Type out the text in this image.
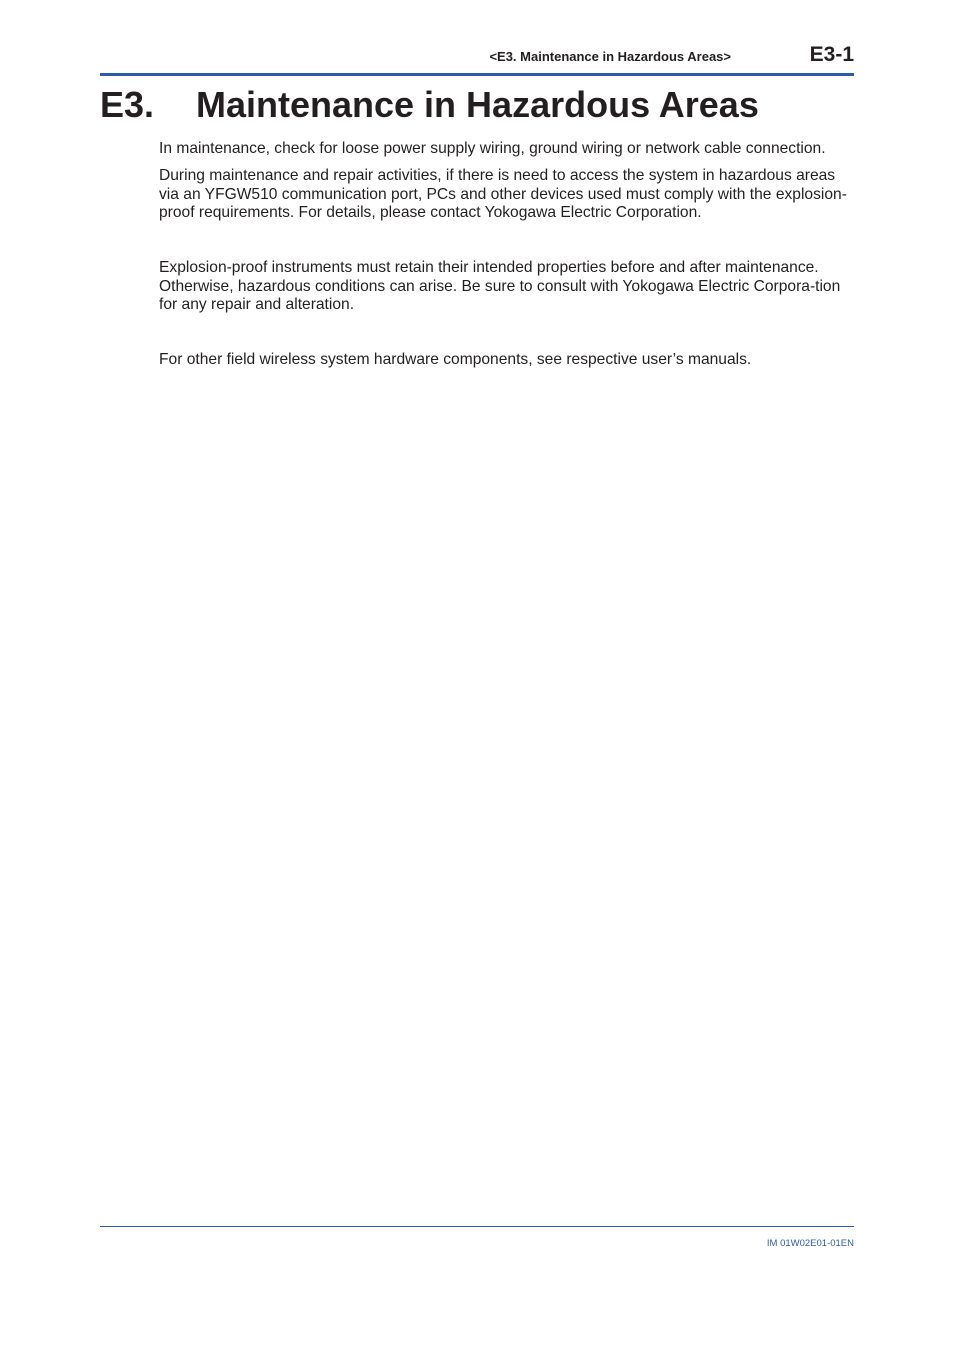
<E3. Maintenance in Hazardous Areas>	E3-1
E3. Maintenance in Hazardous Areas

In maintenance, check for loose power supply wiring, ground wiring or network cable connection.

During maintenance and repair activities, if there is need to access the system in hazardous areas via an YFGW510 communication port, PCs and other devices used must comply with the explosion-proof requirements. For details, please contact Yokogawa Electric Corporation.

Explosion-proof instruments must retain their intended properties before and after maintenance. Otherwise, hazardous conditions can arise. Be sure to consult with Yokogawa Electric Corpora-tion for any repair and alteration.

For other field wireless system hardware components, see respective user’s manuals.

IM 01W02E01-01EN
